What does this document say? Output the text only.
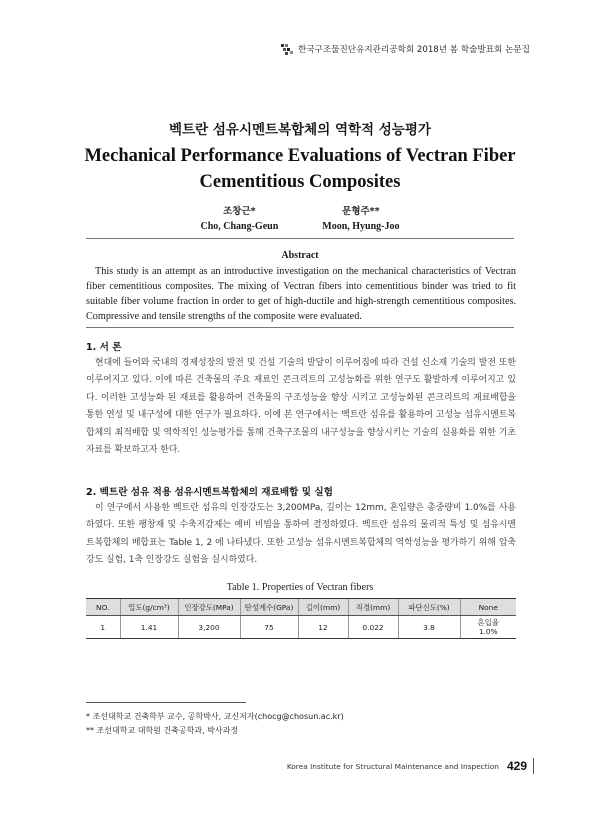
한국구조물진단유지관리공학회 2018년 봄 학술발표회 논문집
벡트란 섬유시멘트복합체의 역학적 성능평가
Mechanical Performance Evaluations of Vectran Fiber
Cementitious Composites
조창근*
Cho, Chang-Geun
문형주**
Moon, Hyung-Joo
Abstract
This study is an attempt as an introductive investigation on the mechanical characteristics of Vectran fiber cementitious composites. The mixing of Vectran fibers into cementitious binder was tried to fit suitable fiber volume fraction in order to get of high-ductile and high-strength cementitious composites. Compressive and tensile strengths of the composite were evaluated.
1. 서 론
현대에 들어와 국내의 경제성장의 발전 및 건설 기술의 발달이 이루어짐에 따라 건설 신소재 기술의 발전 또한 이루어지고 있다. 이에 따른 건축물의 주요 재료인 콘크리트의 고성능화를 위한 연구도 활발하게 이루어지고 있다. 이러한 고성능화 된 재료를 활용하여 건축물의 구조성능을 향상 시키고 고성능화된 콘크리트의 재료배합을 통한 연성 및 내구성에 대한 연구가 필요하다. 이에 본 연구에서는 벡트란 섬유를 활용하여 고성능 섬유시멘트복합체의 최적배합 및 역학적인 성능평가를 통해 건축구조물의 내구성능을 향상시키는 기술의 실용화를 위한 기초자료를 확보하고자 한다.
2. 벡트란 섬유 적용 섬유시멘트복합체의 재료배합 및 실험
이 연구에서 사용한 벡트란 섬유의 인장강도는 3,200MPa, 길이는 12mm, 혼입량은 총중량비 1.0%를 사용하였다. 또한 팽창재 및 수축저감제는 예비 비빔을 통하여 결정하였다. 벡트란 섬유의 물리적 특성 및 섬유시멘트복합체의 배합표는 Table 1, 2 에 나타냈다. 또한 고성능 섬유시멘트복합체의 역학성능을 평가하기 위해 압축강도 실험, 1축 인장강도 실험을 실시하였다.
Table 1. Properties of Vectran fibers
NO.	밀도(g/cm³)	인장강도(MPa)	탄성계수(GPa)	길이(mm)	직경(mm)	파단신도(%)	None
1	1.41	3,200	75	12	0.022	3.8	혼입율
1.0%
* 조선대학교 건축학부 교수, 공학박사, 교신저자(chocg@chosun.ac.kr)
** 조선대학교 대학원 건축공학과, 박사과정
Korea Institute for Structural Maintenance and Inspection 429
